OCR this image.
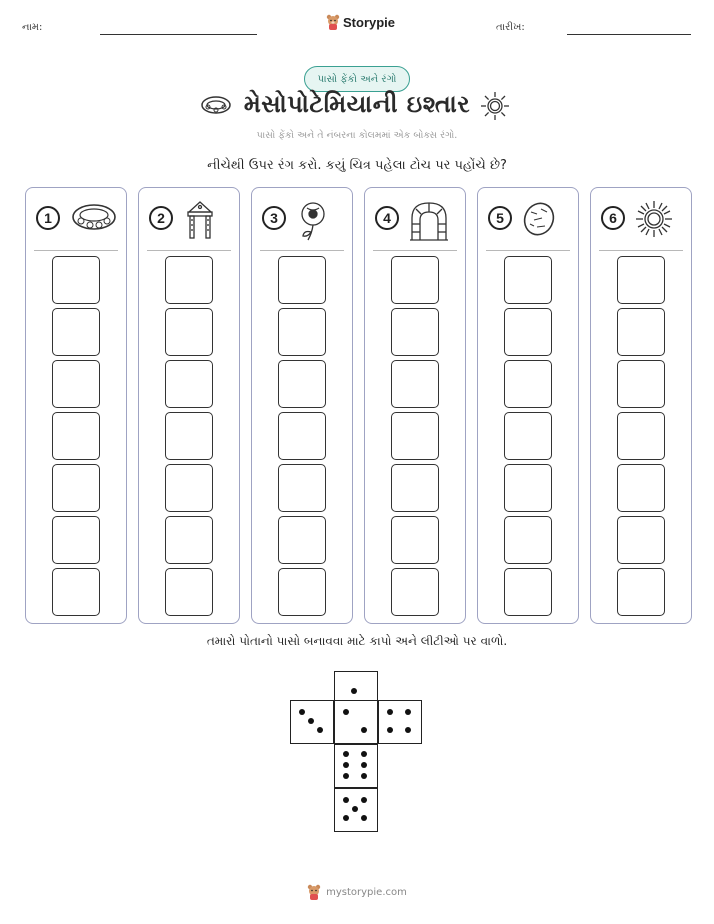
નામ:	Storypie	તારીખ:
પાસો ફેંકો અને રંગો
મેસોપોટેમિયાની ઇશ્તાર
પાસો ફેંકો અને તે નંબરના કોલમમાં એક બોક્સ રંગો.
નીચેથી ઉપર રંગ કરો. કયું ચિત્ર પહેલા ટોચ પર પહોંચે છે?
1	2	3	4	5	6
તમારો પોતાનો પાસો બનાવવા માટે કાપો અને લીટીઓ પર વાળો.
mystorypie.com
